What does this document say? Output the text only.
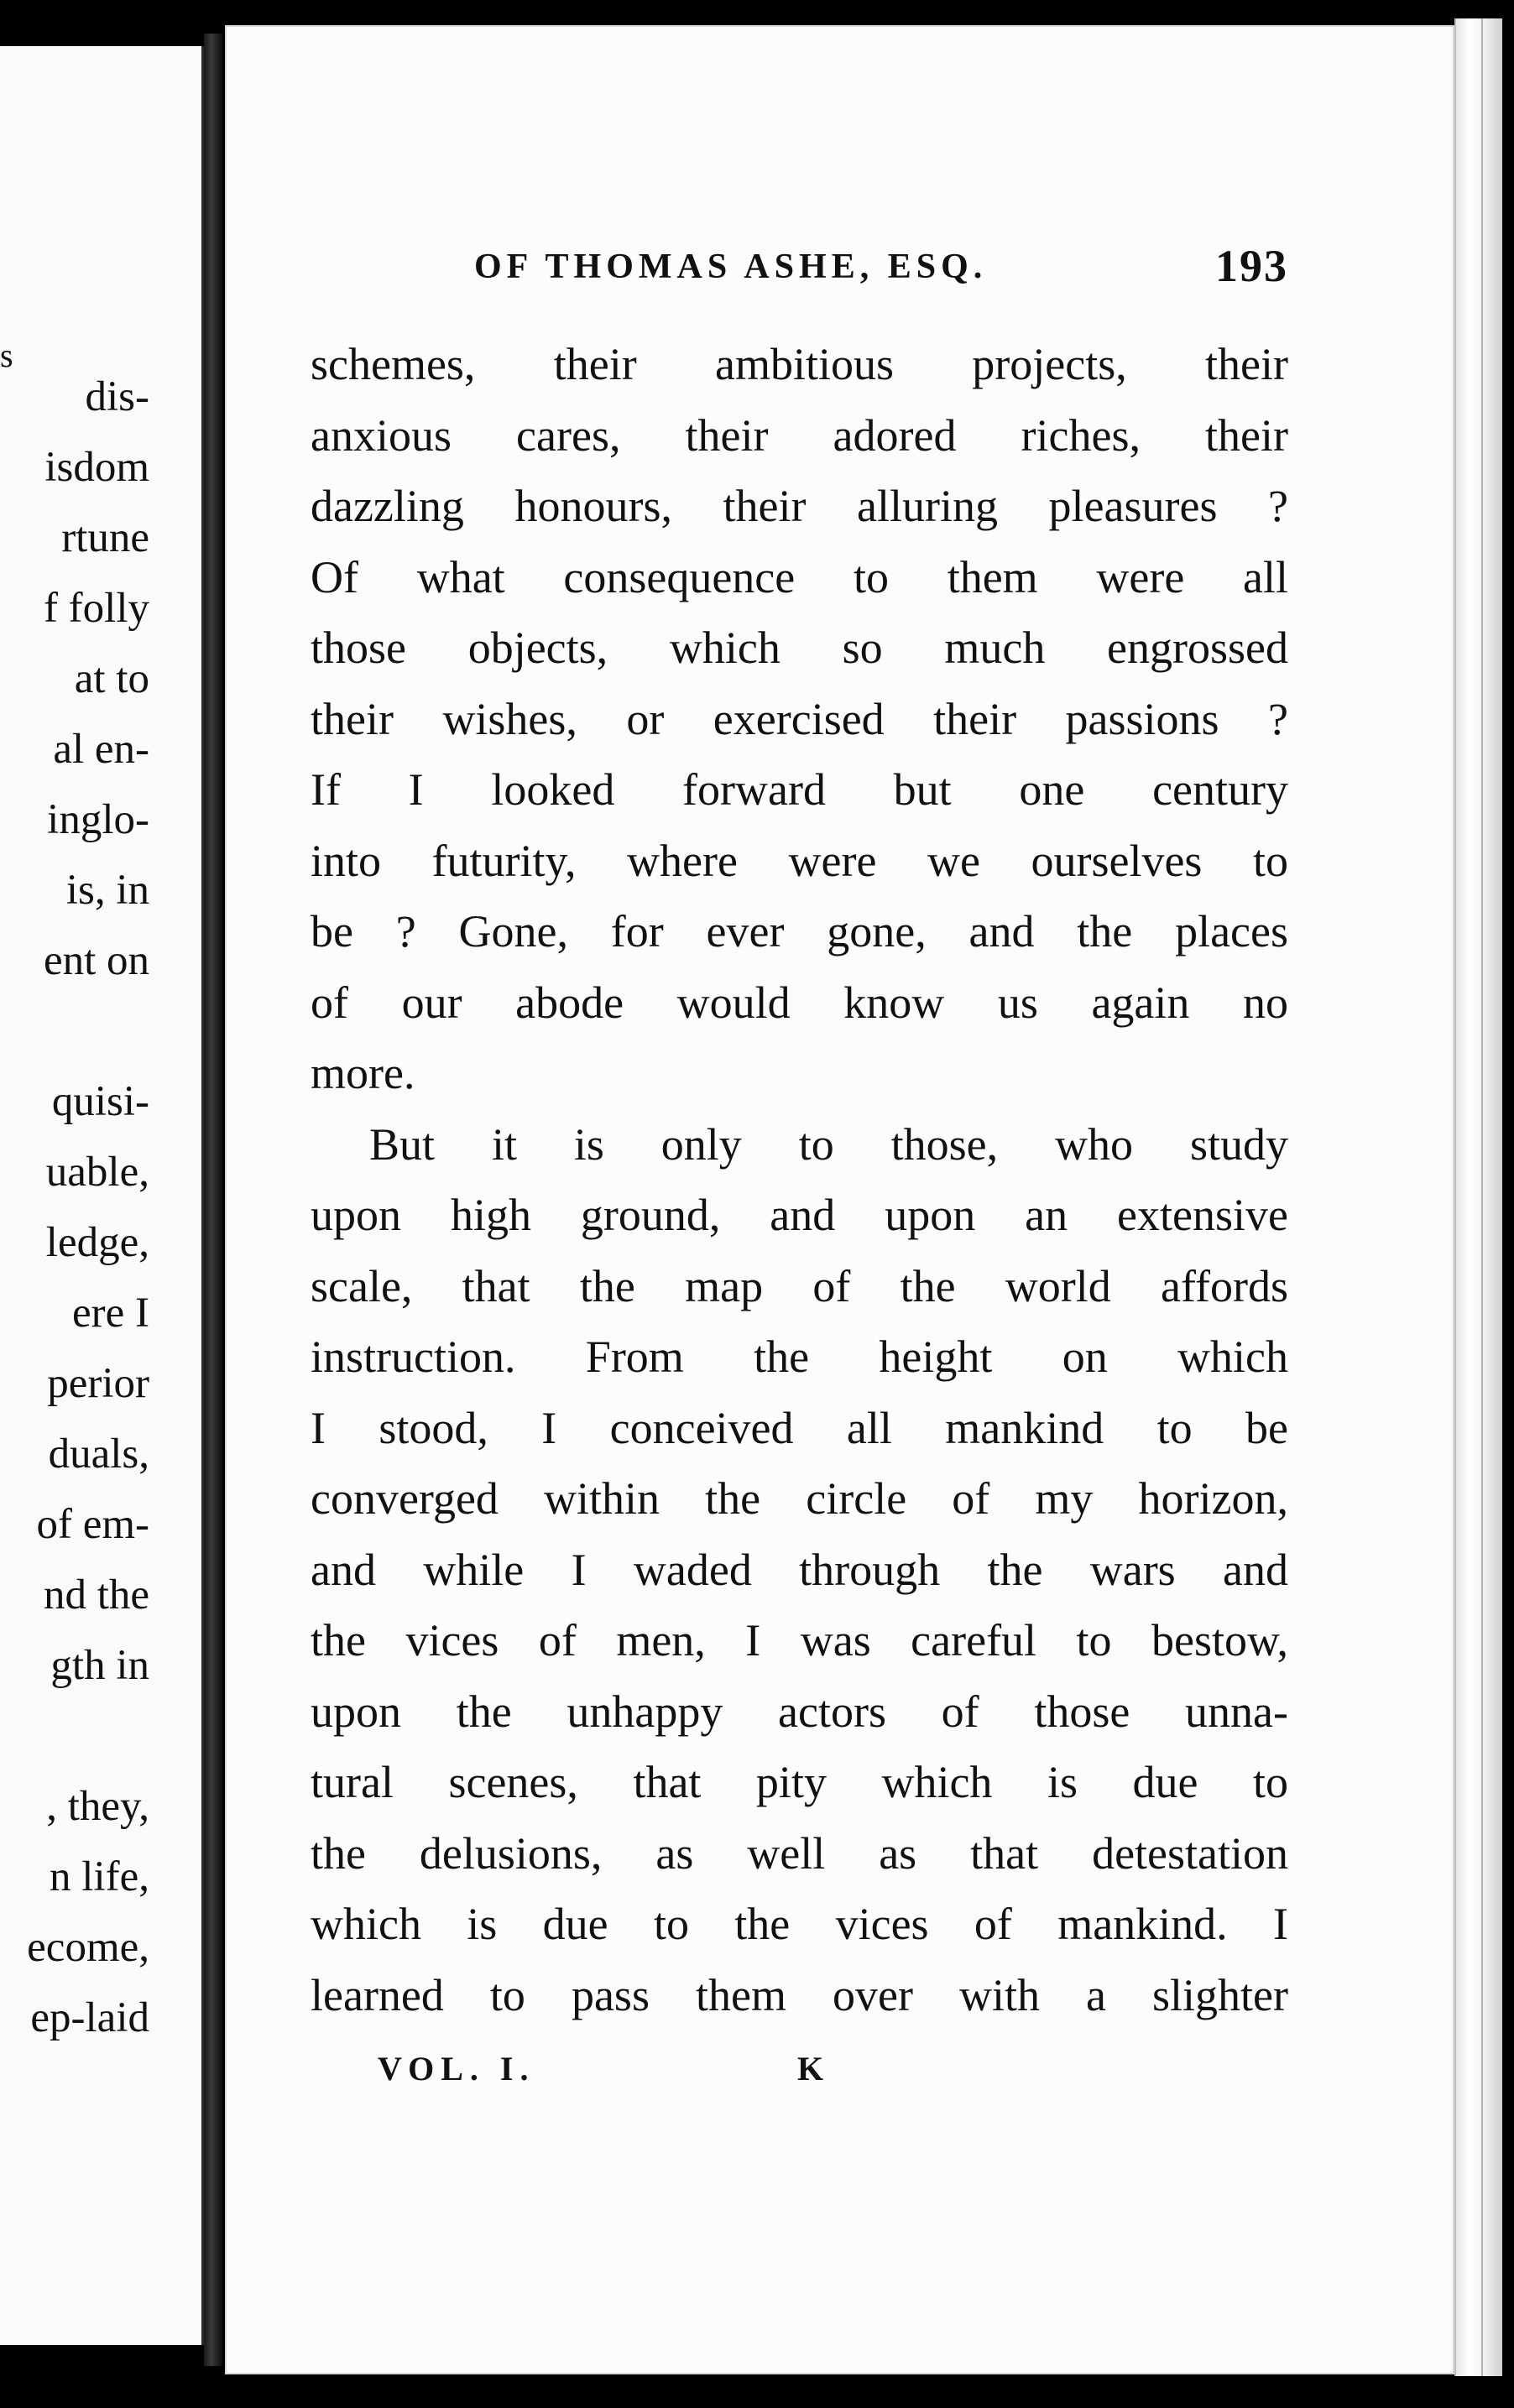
s
dis-
isdom
rtune
f folly
at to
al en-
inglo-
is, in
ent on
quisi-
uable,
ledge,
ere I
perior
duals,
of em-
nd the
gth in
, they,
n life,
ecome,
ep-laid
OF THOMAS ASHE, ESQ.	193
schemes, their ambitious projects, their
anxious cares, their adored riches, their
dazzling honours, their alluring pleasures ?
Of what consequence to them were all
those objects, which so much engrossed
their wishes, or exercised their passions ?
If I looked forward but one century
into futurity, where were we ourselves to
be ? Gone, for ever gone, and the places
of our abode would know us again no
more.
But it is only to those, who study
upon high ground, and upon an extensive
scale, that the map of the world affords
instruction. From the height on which
I stood, I conceived all mankind to be
converged within the circle of my horizon,
and while I waded through the wars and
the vices of men, I was careful to bestow,
upon the unhappy actors of those unna-
tural scenes, that pity which is due to
the delusions, as well as that detestation
which is due to the vices of mankind. I
learned to pass them over with a slighter
VOL. I.	K
